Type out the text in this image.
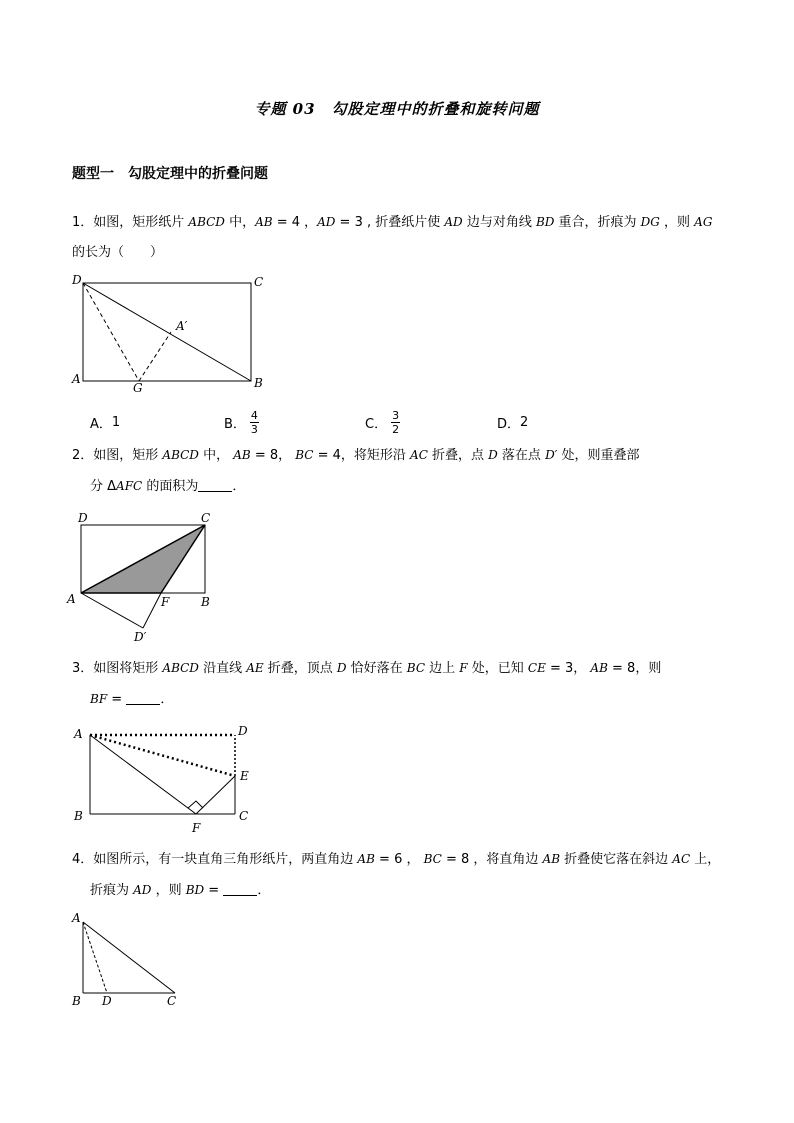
专题 03　勾股定理中的折叠和旋转问题
题型一　勾股定理中的折叠问题
1．如图，矩形纸片 ABCD 中，AB = 4 ，AD = 3 , 折叠纸片使 AD 边与对角线 BD 重合，折痕为 DG ，则 AG
的长为（　　）
D	C
A	B
G
A′
A． 1	B． $\frac{4}{3}$	C． $\frac{3}{2}$	D． 2
2．如图，矩形 ABCD 中， AB = 8， BC = 4，将矩形沿 AC 折叠，点 D 落在点 D′ 处，则重叠部
分 ΔAFC 的面积为	．
D	C
A	F	B
D′
3．如图将矩形 ABCD 沿直线 AE 折叠，顶点 D 恰好落在 BC 边上 F 处，已知 CE = 3， AB = 8，则
BF =	．
A	D
E
B
F
C
4．如图所示，有一块直角三角形纸片，两直角边 AB = 6 ， BC = 8 ，将直角边 AB 折叠使它落在斜边 AC 上，
折痕为 AD ，则 BD =	．
A
B D	C
